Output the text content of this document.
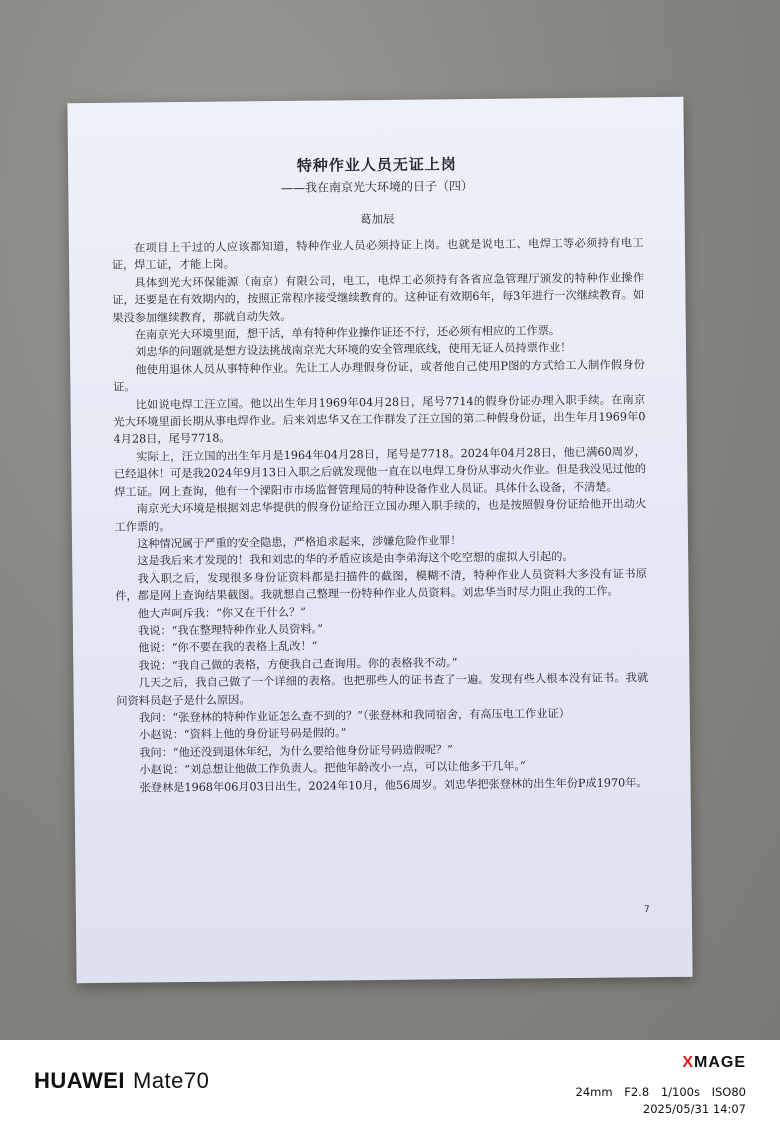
特种作业人员无证上岗
——我在南京光大环境的日子（四）
葛加辰

在项目上干过的人应该都知道，特种作业人员必须持证上岗。也就是说电工、电焊工等必须持有电工证，焊工证，才能上岗。

具体到光大环保能源（南京）有限公司，电工，电焊工必须持有各省应急管理厅颁发的特种作业操作证，还要是在有效期内的，按照正常程序接受继续教育的。这种证有效期6年，每3年进行一次继续教育。如果没参加继续教育，那就自动失效。

在南京光大环境里面，想干活，单有特种作业操作证还不行，还必须有相应的工作票。

刘忠华的问题就是想方设法挑战南京光大环境的安全管理底线，使用无证人员持票作业！

他使用退休人员从事特种作业。先让工人办理假身份证，或者他自己使用P图的方式给工人制作假身份证。

比如说电焊工汪立国。他以出生年月1969年04月28日，尾号7714的假身份证办理入职手续。在南京光大环境里面长期从事电焊作业。后来刘忠华又在工作群发了汪立国的第二种假身份证，出生年月1969年04月28日，尾号7718。

实际上，汪立国的出生年月是1964年04月28日，尾号是7718。2024年04月28日，他已满60周岁，已经退休！可是我2024年9月13日入职之后就发现他一直在以电焊工身份从事动火作业。但是我没见过他的焊工证。网上查询，他有一个溧阳市市场监督管理局的特种设备作业人员证。具体什么设备，不清楚。

南京光大环境是根据刘忠华提供的假身份证给汪立国办理入职手续的，也是按照假身份证给他开出动火工作票的。

这种情况属于严重的安全隐患，严格追求起来，涉嫌危险作业罪！

这是我后来才发现的！我和刘忠的华的矛盾应该是由李弟海这个吃空想的虚拟人引起的。

我入职之后，发现很多身份证资料都是扫描件的截图，模糊不清，特种作业人员资料大多没有证书原件，都是网上查询结果截图。我就想自己整理一份特种作业人员资料。刘忠华当时尽力阻止我的工作。

他大声呵斥我：“你又在干什么？”

我说：“我在整理特种作业人员资料。”

他说：“你不要在我的表格上乱改！”

我说：“我自己做的表格，方便我自己查询用。你的表格我不动。”

几天之后，我自己做了一个详细的表格。也把那些人的证书查了一遍。发现有些人根本没有证书。我就问资料员赵子是什么原因。

我问：“张登林的特种作业证怎么查不到的？”（张登林和我同宿舍，有高压电工作业证）

小赵说：“资料上他的身份证号码是假的。”

我问：“他还没到退休年纪，为什么要给他身份证号码造假呢？”

小赵说：“刘总想让他做工作负责人。把他年龄改小一点，可以让他多干几年。”

张登林是1968年06月03日出生，2024年10月，他56周岁。刘忠华把张登林的出生年份P成1970年。

7
HUAWEI Mate70
XMAGE
24mm F2.8 1/100s ISO80
2025/05/31 14:07
